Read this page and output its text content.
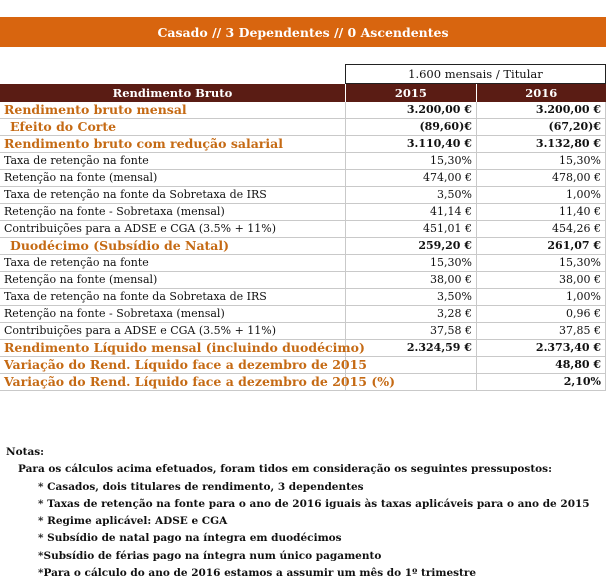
Casado // 3 Dependentes // 0 Ascendentes
	1.600 mensais / Titular	
Rendimento Bruto	2015	2016
Rendimento bruto mensal	3.200,00 €	3.200,00 €
Efeito do Corte	(89,60)€	(67,20)€
Rendimento bruto com redução salarial	3.110,40 €	3.132,80 €
Taxa de retenção na fonte	15,30%	15,30%
Retenção na fonte (mensal)	474,00 €	478,00 €
Taxa de retenção na fonte da Sobretaxa de IRS	3,50%	1,00%
Retenção na fonte - Sobretaxa (mensal)	41,14 €	11,40 €
Contribuições para a ADSE e CGA (3.5% + 11%)	451,01 €	454,26 €
Duodécimo (Subsídio de Natal)	259,20 €	261,07 €
Taxa de retenção na fonte	15,30%	15,30%
Retenção na fonte (mensal)	38,00 €	38,00 €
Taxa de retenção na fonte da Sobretaxa de IRS	3,50%	1,00%
Retenção na fonte - Sobretaxa (mensal)	3,28 €	0,96 €
Contribuições para a ADSE e CGA (3.5% + 11%)	37,58 €	37,85 €
Rendimento Líquido mensal (incluindo duodécimo)	2.324,59 €	2.373,40 €
Variação do Rend. Líquido face a dezembro de 2015		48,80 €
Variação do Rend. Líquido face a dezembro de 2015 (%)		2,10%
Notas:
Para os cálculos acima efetuados, foram tidos em consideração os seguintes pressupostos:
* Casados, dois titulares de rendimento, 3 dependentes
* Taxas de retenção na fonte para o ano de 2016 iguais às taxas aplicáveis para o ano de 2015
* Regime aplicável: ADSE e CGA
* Subsídio de natal pago na íntegra em duodécimos
*Subsídio de férias pago na íntegra num único pagamento
*Para o cálculo do ano de 2016 estamos a assumir um mês do 1º trimestre
